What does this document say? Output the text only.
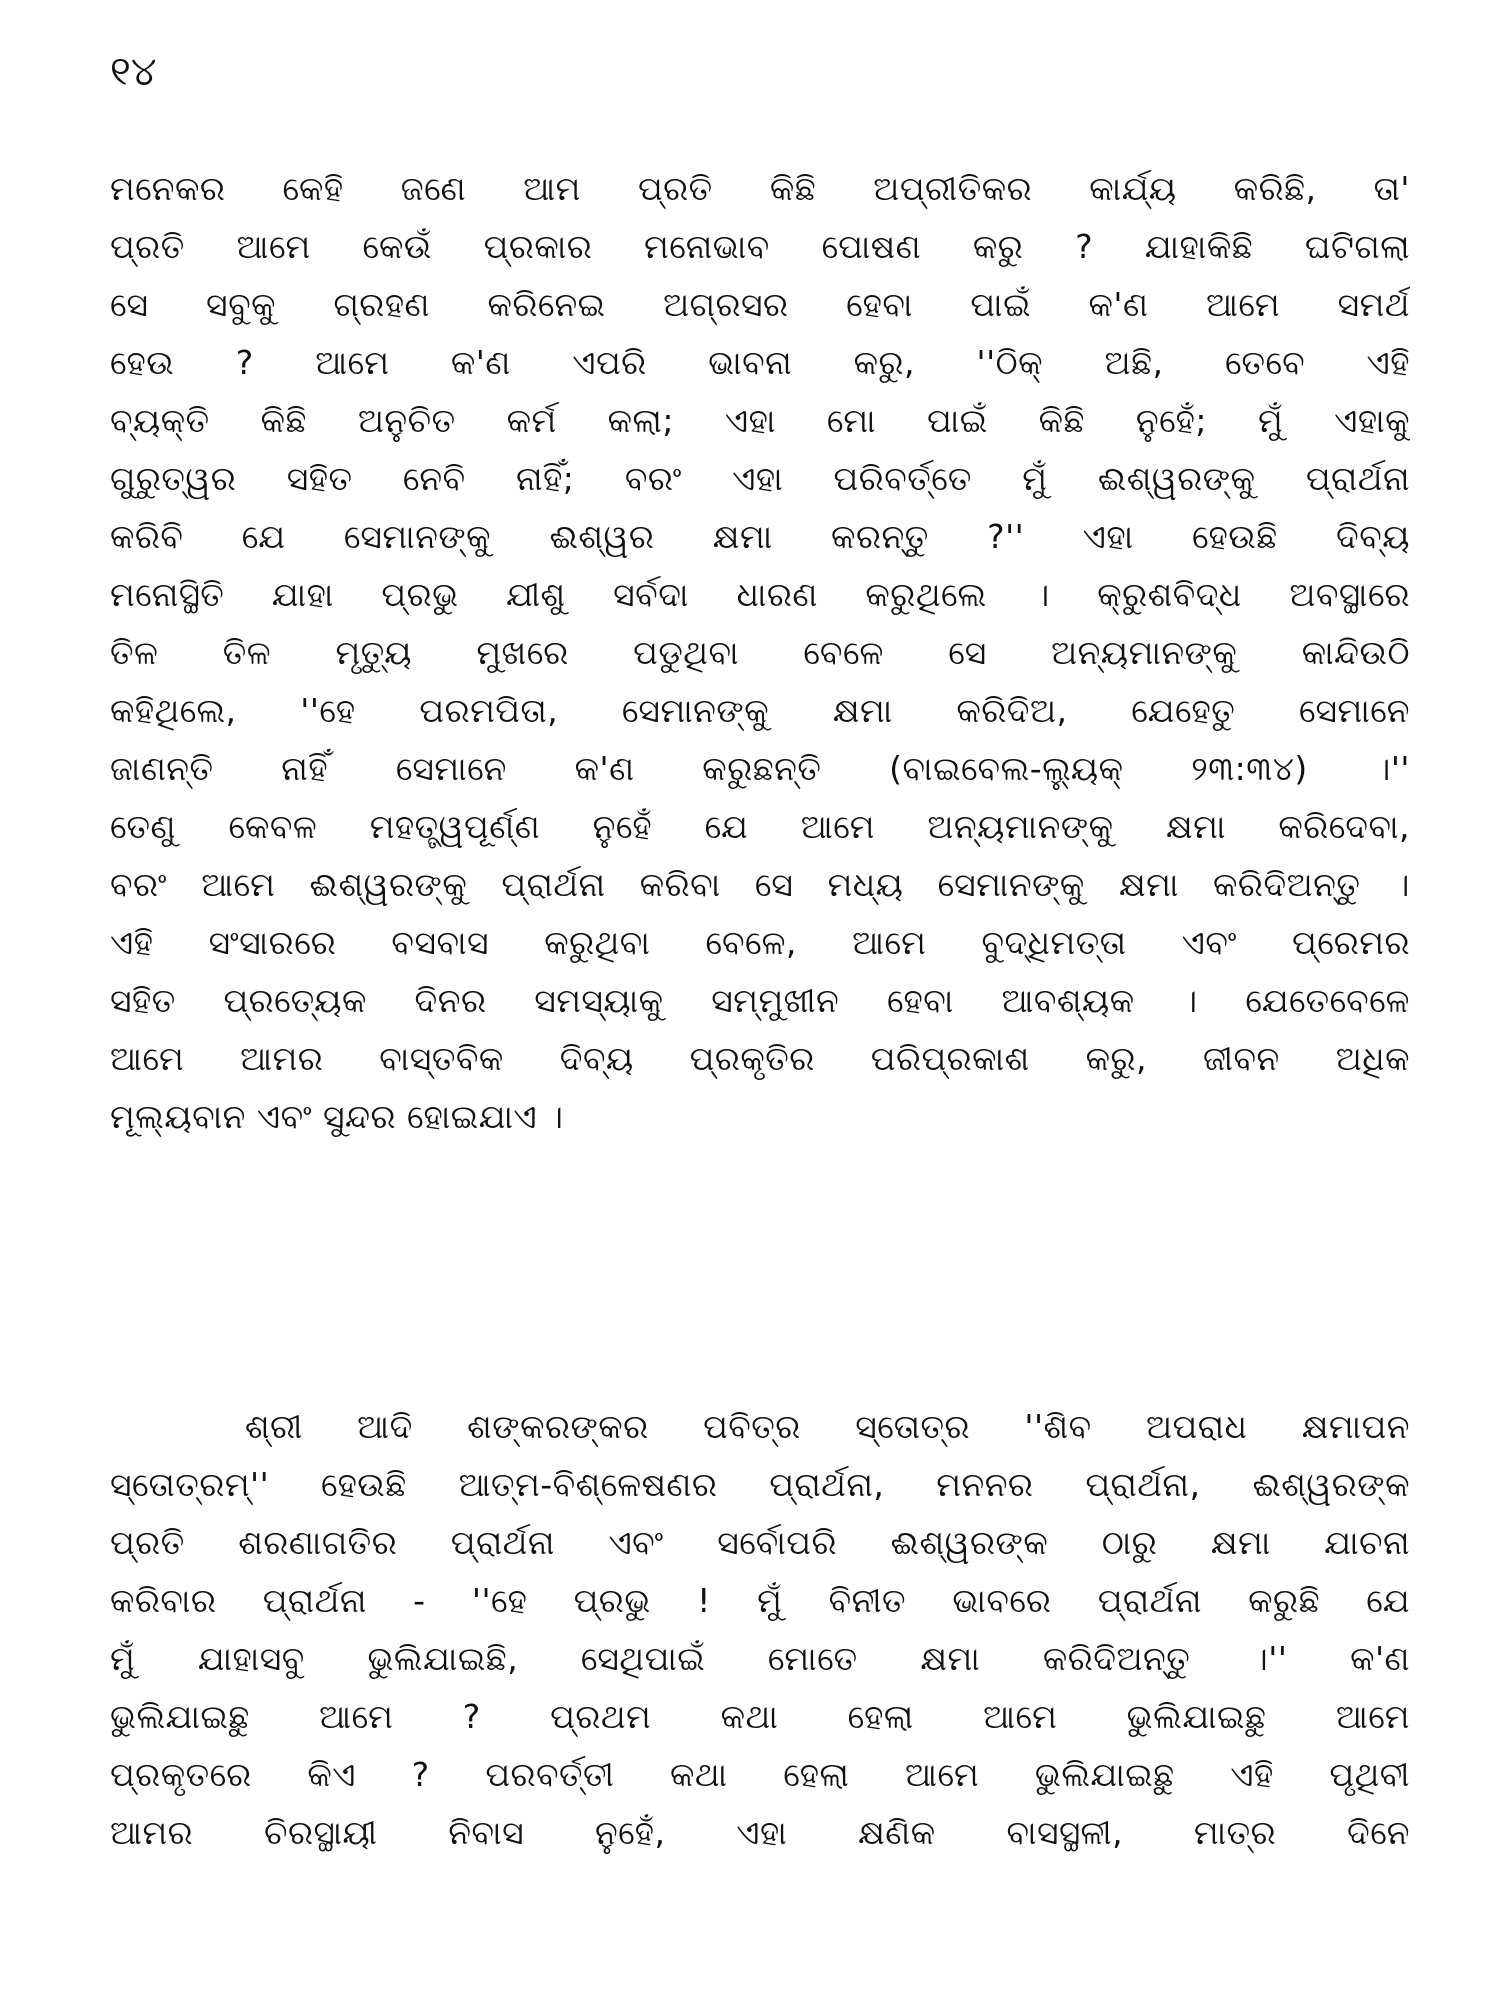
୧୪
ମନେକର କେହି ଜଣେ ଆମ ପ୍ରତି କିଛି ଅପ୍ରୀତିକର କାର୍ଯ୍ୟ କରିଛି, ତା'
ପ୍ରତି ଆମେ କେଉଁ ପ୍ରକାର ମନୋଭାବ ପୋଷଣ କରୁ ? ଯାହାକିଛି ଘଟିଗଲା
ସେ ସବୁକୁ ଗ୍ରହଣ କରିନେଇ ଅଗ୍ରସର ହେବା ପାଇଁ କ'ଣ ଆମେ ସମର୍ଥ
ହେଉ ? ଆମେ କ'ଣ ଏପରି ଭାବନା କରୁ, ''ଠିକ୍ ଅଛି, ତେବେ ଏହି
ବ୍ୟକ୍ତି କିଛି ଅନୁଚିତ କର୍ମ କଲା; ଏହା ମୋ ପାଇଁ କିଛି ନୁହେଁ; ମୁଁ ଏହାକୁ
ଗୁରୁତ୍ୱର ସହିତ ନେବି ନାହିଁ; ବରଂ ଏହା ପରିବର୍ତ୍ତେ ମୁଁ ଈଶ୍ୱରଙ୍କୁ ପ୍ରାର୍ଥନା
କରିବି ଯେ ସେମାନଙ୍କୁ ଈଶ୍ୱର କ୍ଷମା କରନ୍ତୁ ?'' ଏହା ହେଉଛି ଦିବ୍ୟ
ମନୋସ୍ଥିତି ଯାହା ପ୍ରଭୁ ଯୀଶୁ ସର୍ବଦା ଧାରଣ କରୁଥିଲେ । କ୍ରୁଶବିଦ୍ଧ ଅବସ୍ଥାରେ
ତିଳ ତିଳ ମୃତ୍ୟୁ ମୁଖରେ ପଡୁଥିବା ବେଳେ ସେ ଅନ୍ୟମାନଙ୍କୁ କାନ୍ଦିଉଠି
କହିଥିଲେ, ''ହେ ପରମପିତା, ସେମାନଙ୍କୁ କ୍ଷମା କରିଦିଅ, ଯେହେତୁ ସେମାନେ
ଜାଣନ୍ତି ନାହିଁ ସେମାନେ କ'ଣ କରୁଛନ୍ତି (ବାଇବେଲ-ଲ୍ୟୁକ୍ ୨୩:୩୪) ।''
ତେଣୁ କେବଳ ମହତ୍ତ୍ୱପୂର୍ଣ୍ଣ ନୁହେଁ ଯେ ଆମେ ଅନ୍ୟମାନଙ୍କୁ କ୍ଷମା କରିଦେବା,
ବରଂ ଆମେ ଈଶ୍ୱରଙ୍କୁ ପ୍ରାର୍ଥନା କରିବା ସେ ମଧ୍ୟ ସେମାନଙ୍କୁ କ୍ଷମା କରିଦିଅନ୍ତୁ ।
ଏହି ସଂସାରରେ ବସବାସ କରୁଥିବା ବେଳେ, ଆମେ ବୁଦ୍ଧିମତ୍ତା ଏବଂ ପ୍ରେମର
ସହିତ ପ୍ରତ୍ୟେକ ଦିନର ସମସ୍ୟାକୁ ସମ୍ମୁଖୀନ ହେବା ଆବଶ୍ୟକ । ଯେତେବେଳେ
ଆମେ ଆମର ବାସ୍ତବିକ ଦିବ୍ୟ ପ୍ରକୃତିର ପରିପ୍ରକାଶ କରୁ, ଜୀବନ ଅଧିକ
ମୂଲ୍ୟବାନ ଏବଂ ସୁନ୍ଦର ହୋଇଯାଏ ।
ଶ୍ରୀ ଆଦି ଶଙ୍କରଙ୍କର ପବିତ୍ର ସ୍ତୋତ୍ର ''ଶିବ ଅପରାଧ କ୍ଷମାପନ
ସ୍ତୋତ୍ରମ୍'' ହେଉଛି ଆତ୍ମ-ବିଶ୍ଳେଷଣର ପ୍ରାର୍ଥନା, ମନନର ପ୍ରାର୍ଥନା, ଈଶ୍ୱରଙ୍କ
ପ୍ରତି ଶରଣାଗତିର ପ୍ରାର୍ଥନା ଏବଂ ସର୍ବୋପରି ଈଶ୍ୱରଙ୍କ ଠାରୁ କ୍ଷମା ଯାଚନା
କରିବାର ପ୍ରାର୍ଥନା - ''ହେ ପ୍ରଭୁ ! ମୁଁ ବିନୀତ ଭାବରେ ପ୍ରାର୍ଥନା କରୁଛି ଯେ
ମୁଁ ଯାହାସବୁ ଭୁଲିଯାଇଛି, ସେଥିପାଇଁ ମୋତେ କ୍ଷମା କରିଦିଅନ୍ତୁ ।'' କ'ଣ
ଭୁଲିଯାଇଛୁ ଆମେ ? ପ୍ରଥମ କଥା ହେଲା ଆମେ ଭୁଲିଯାଇଛୁ ଆମେ
ପ୍ରକୃତରେ କିଏ ? ପରବର୍ତ୍ତୀ କଥା ହେଲା ଆମେ ଭୁଲିଯାଇଛୁ ଏହି ପୃଥିବୀ
ଆମର ଚିରସ୍ଥାୟୀ ନିବାସ ନୁହେଁ, ଏହା କ୍ଷଣିକ ବାସସ୍ଥଳୀ, ମାତ୍ର ଦିନେ
